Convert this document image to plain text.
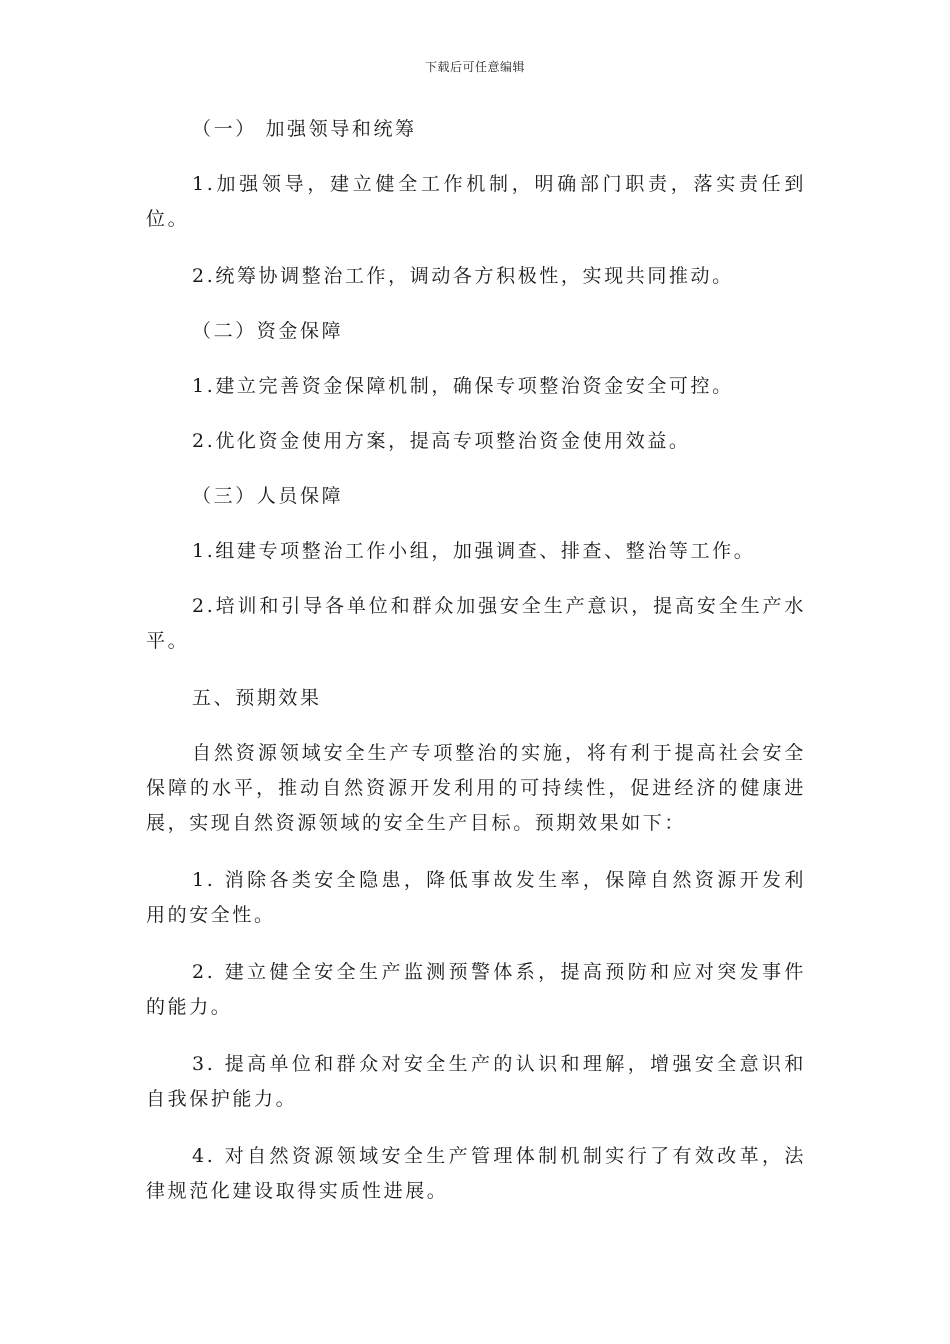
下载后可任意编辑

（一） 加强领导和统筹

1.加强领导，建立健全工作机制，明确部门职责，落实责任到位。

2.统筹协调整治工作，调动各方积极性，实现共同推动。

（二）资金保障

1.建立完善资金保障机制，确保专项整治资金安全可控。

2.优化资金使用方案，提高专项整治资金使用效益。

（三）人员保障

1.组建专项整治工作小组，加强调查、排查、整治等工作。

2.培训和引导各单位和群众加强安全生产意识，提高安全生产水平。

五、预期效果

自然资源领域安全生产专项整治的实施，将有利于提高社会安全保障的水平，推动自然资源开发利用的可持续性，促进经济的健康进展，实现自然资源领域的安全生产目标。预期效果如下：

1. 消除各类安全隐患，降低事故发生率，保障自然资源开发利用的安全性。

2. 建立健全安全生产监测预警体系，提高预防和应对突发事件的能力。

3. 提高单位和群众对安全生产的认识和理解，增强安全意识和自我保护能力。

4. 对自然资源领域安全生产管理体制机制实行了有效改革，法律规范化建设取得实质性进展。
